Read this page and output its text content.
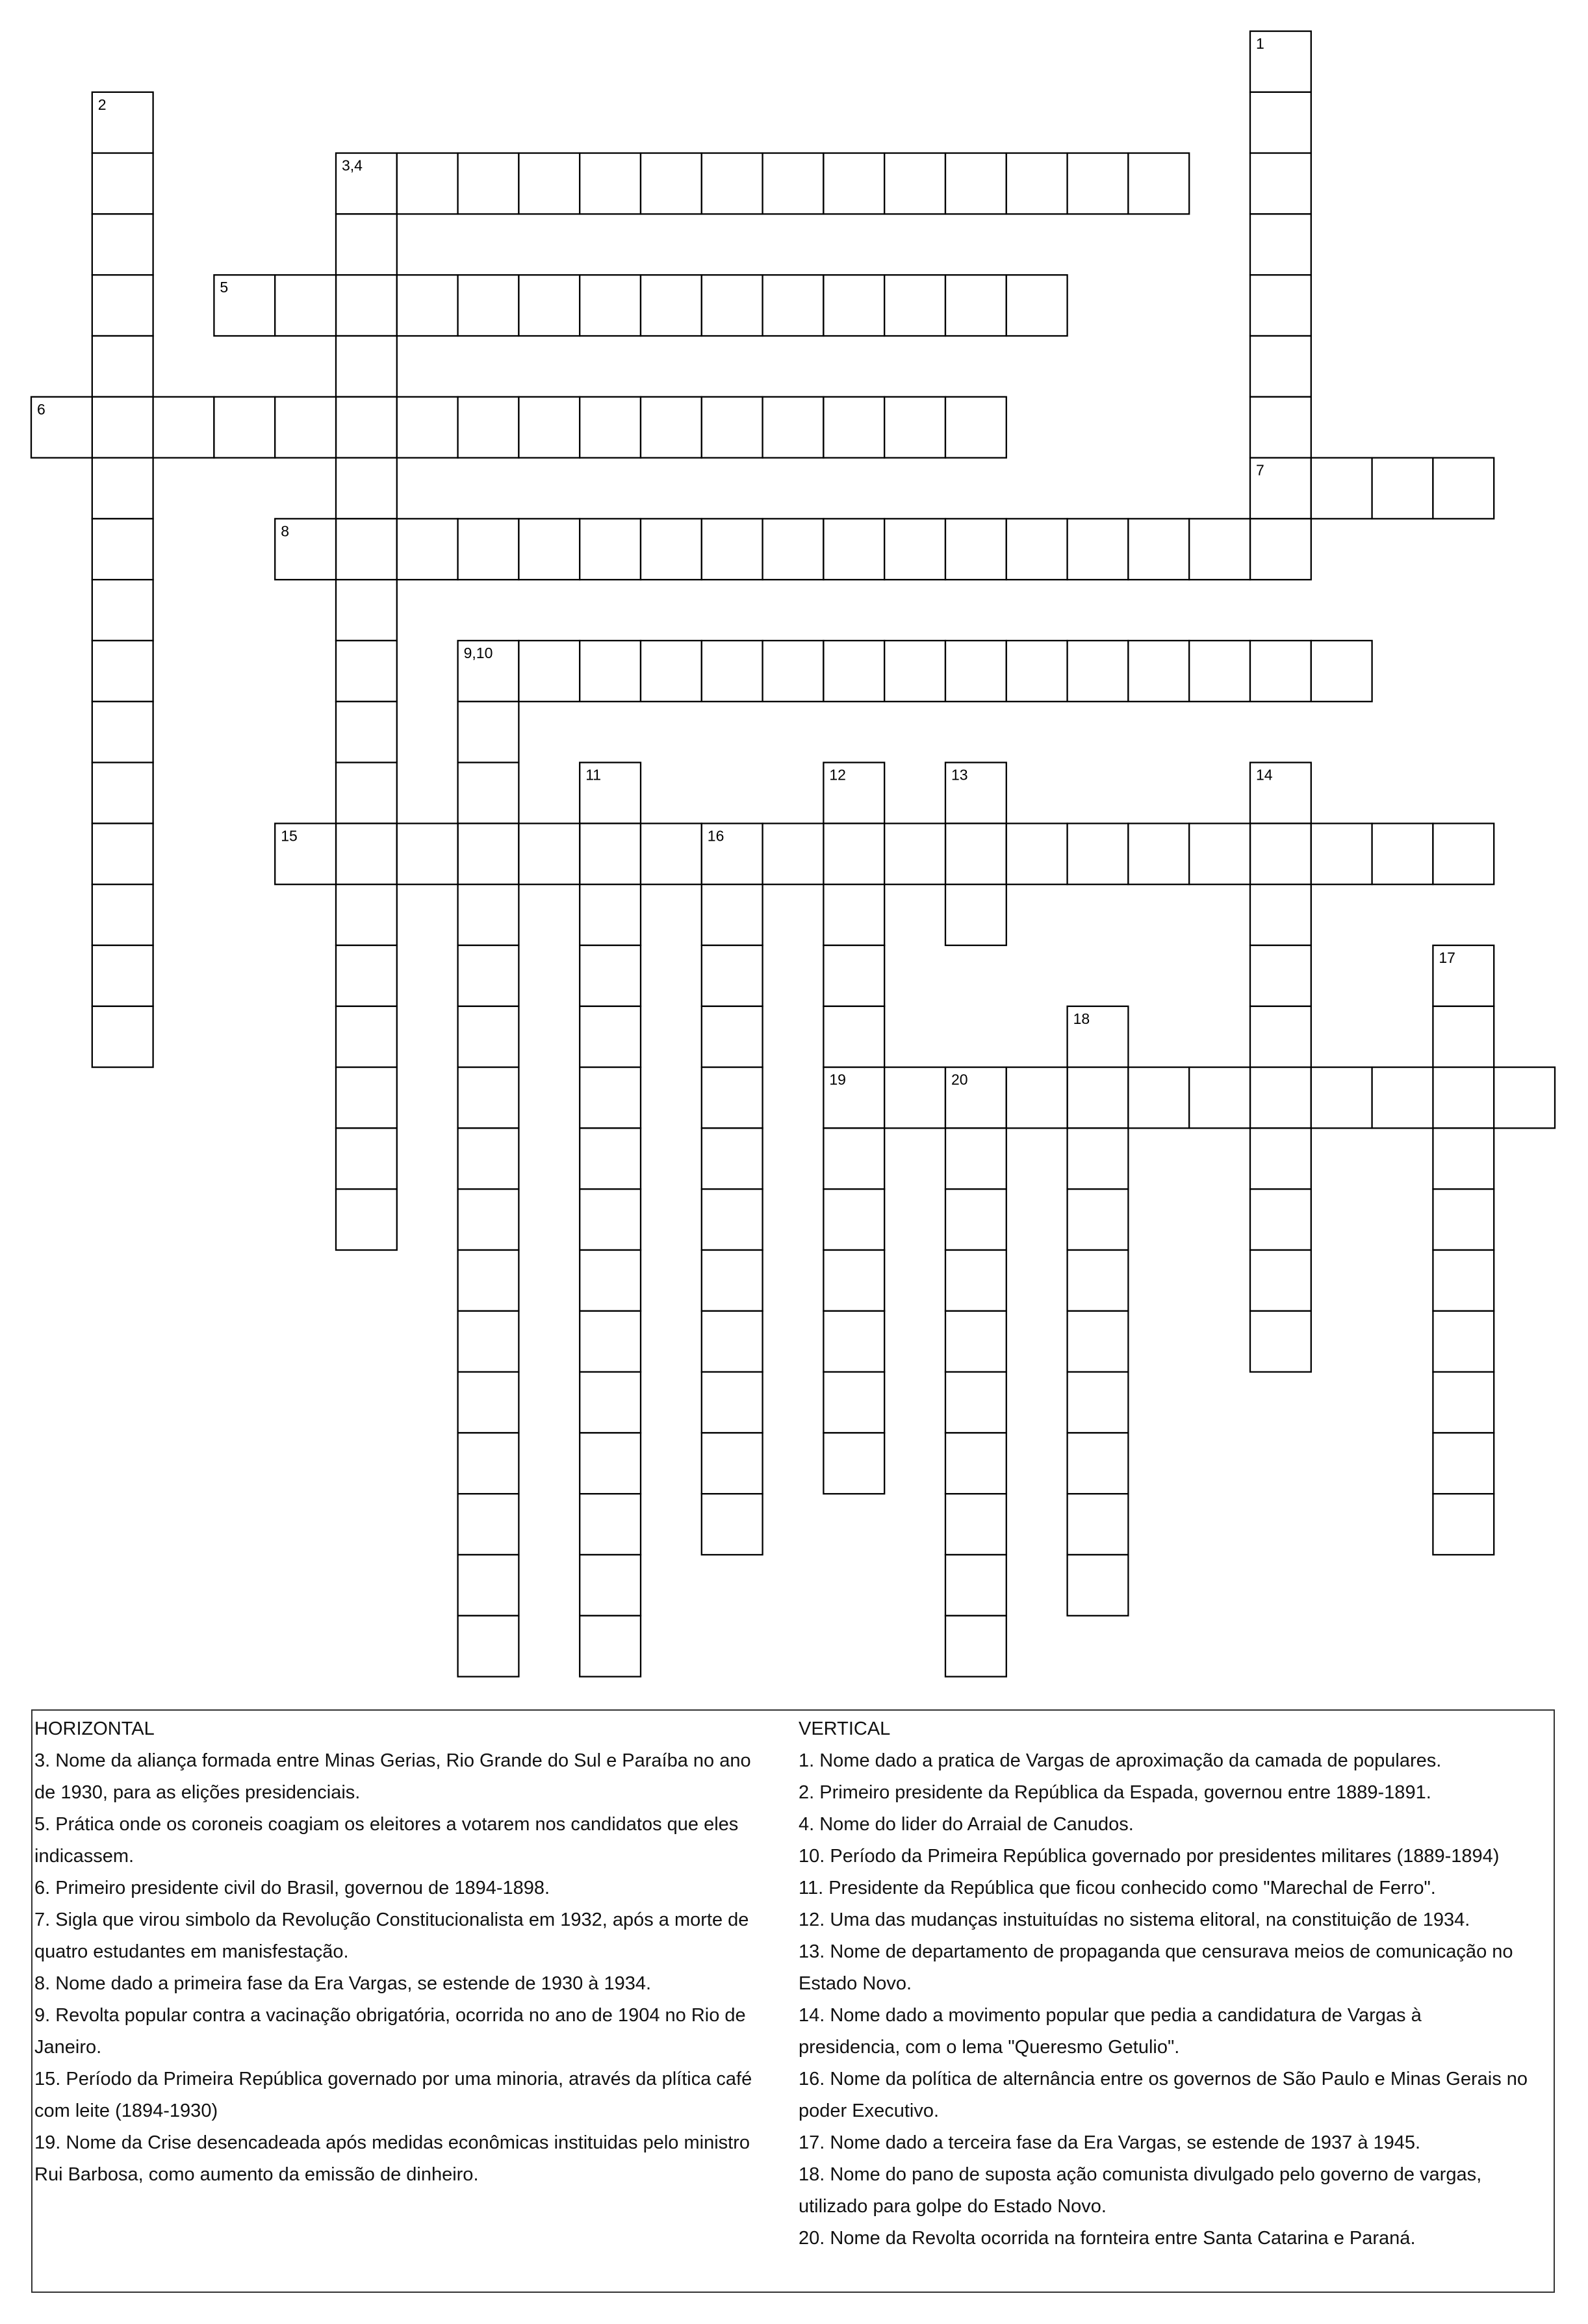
1
2
3,4
5
6
7
8
9,10
11	12	13	14
15	16
17
18
19	20
HORIZONTAL
3. Nome da aliança formada entre Minas Gerias, Rio Grande do Sul e Paraíba no ano
de 1930, para as elições presidenciais.
5. Prática onde os coroneis coagiam os eleitores a votarem nos candidatos que eles
indicassem.
6. Primeiro presidente civil do Brasil, governou de 1894-1898.
7. Sigla que virou simbolo da Revolução Constitucionalista em 1932, após a morte de
quatro estudantes em manisfestação.
8. Nome dado a primeira fase da Era Vargas, se estende de 1930 à 1934.
9. Revolta popular contra a vacinação obrigatória, ocorrida no ano de 1904 no Rio de
Janeiro.
15. Período da Primeira República governado por uma minoria, através da plítica café
com leite (1894-1930)
19. Nome da Crise desencadeada após medidas econômicas instituidas pelo ministro
Rui Barbosa, como aumento da emissão de dinheiro.
VERTICAL
1. Nome dado a pratica de Vargas de aproximação da camada de populares.
2. Primeiro presidente da República da Espada, governou entre 1889-1891.
4. Nome do lider do Arraial de Canudos.
10. Período da Primeira República governado por presidentes militares (1889-1894)
11. Presidente da República que ficou conhecido como "Marechal de Ferro".
12. Uma das mudanças instuituídas no sistema elitoral, na constituição de 1934.
13. Nome de departamento de propaganda que censurava meios de comunicação no
Estado Novo.
14. Nome dado a movimento popular que pedia a candidatura de Vargas à
presidencia, com o lema "Queresmo Getulio".
16. Nome da política de alternância entre os governos de São Paulo e Minas Gerais no
poder Executivo.
17. Nome dado a terceira fase da Era Vargas, se estende de 1937 à 1945.
18. Nome do pano de suposta ação comunista divulgado pelo governo de vargas,
utilizado para golpe do Estado Novo.
20. Nome da Revolta ocorrida na fornteira entre Santa Catarina e Paraná.
